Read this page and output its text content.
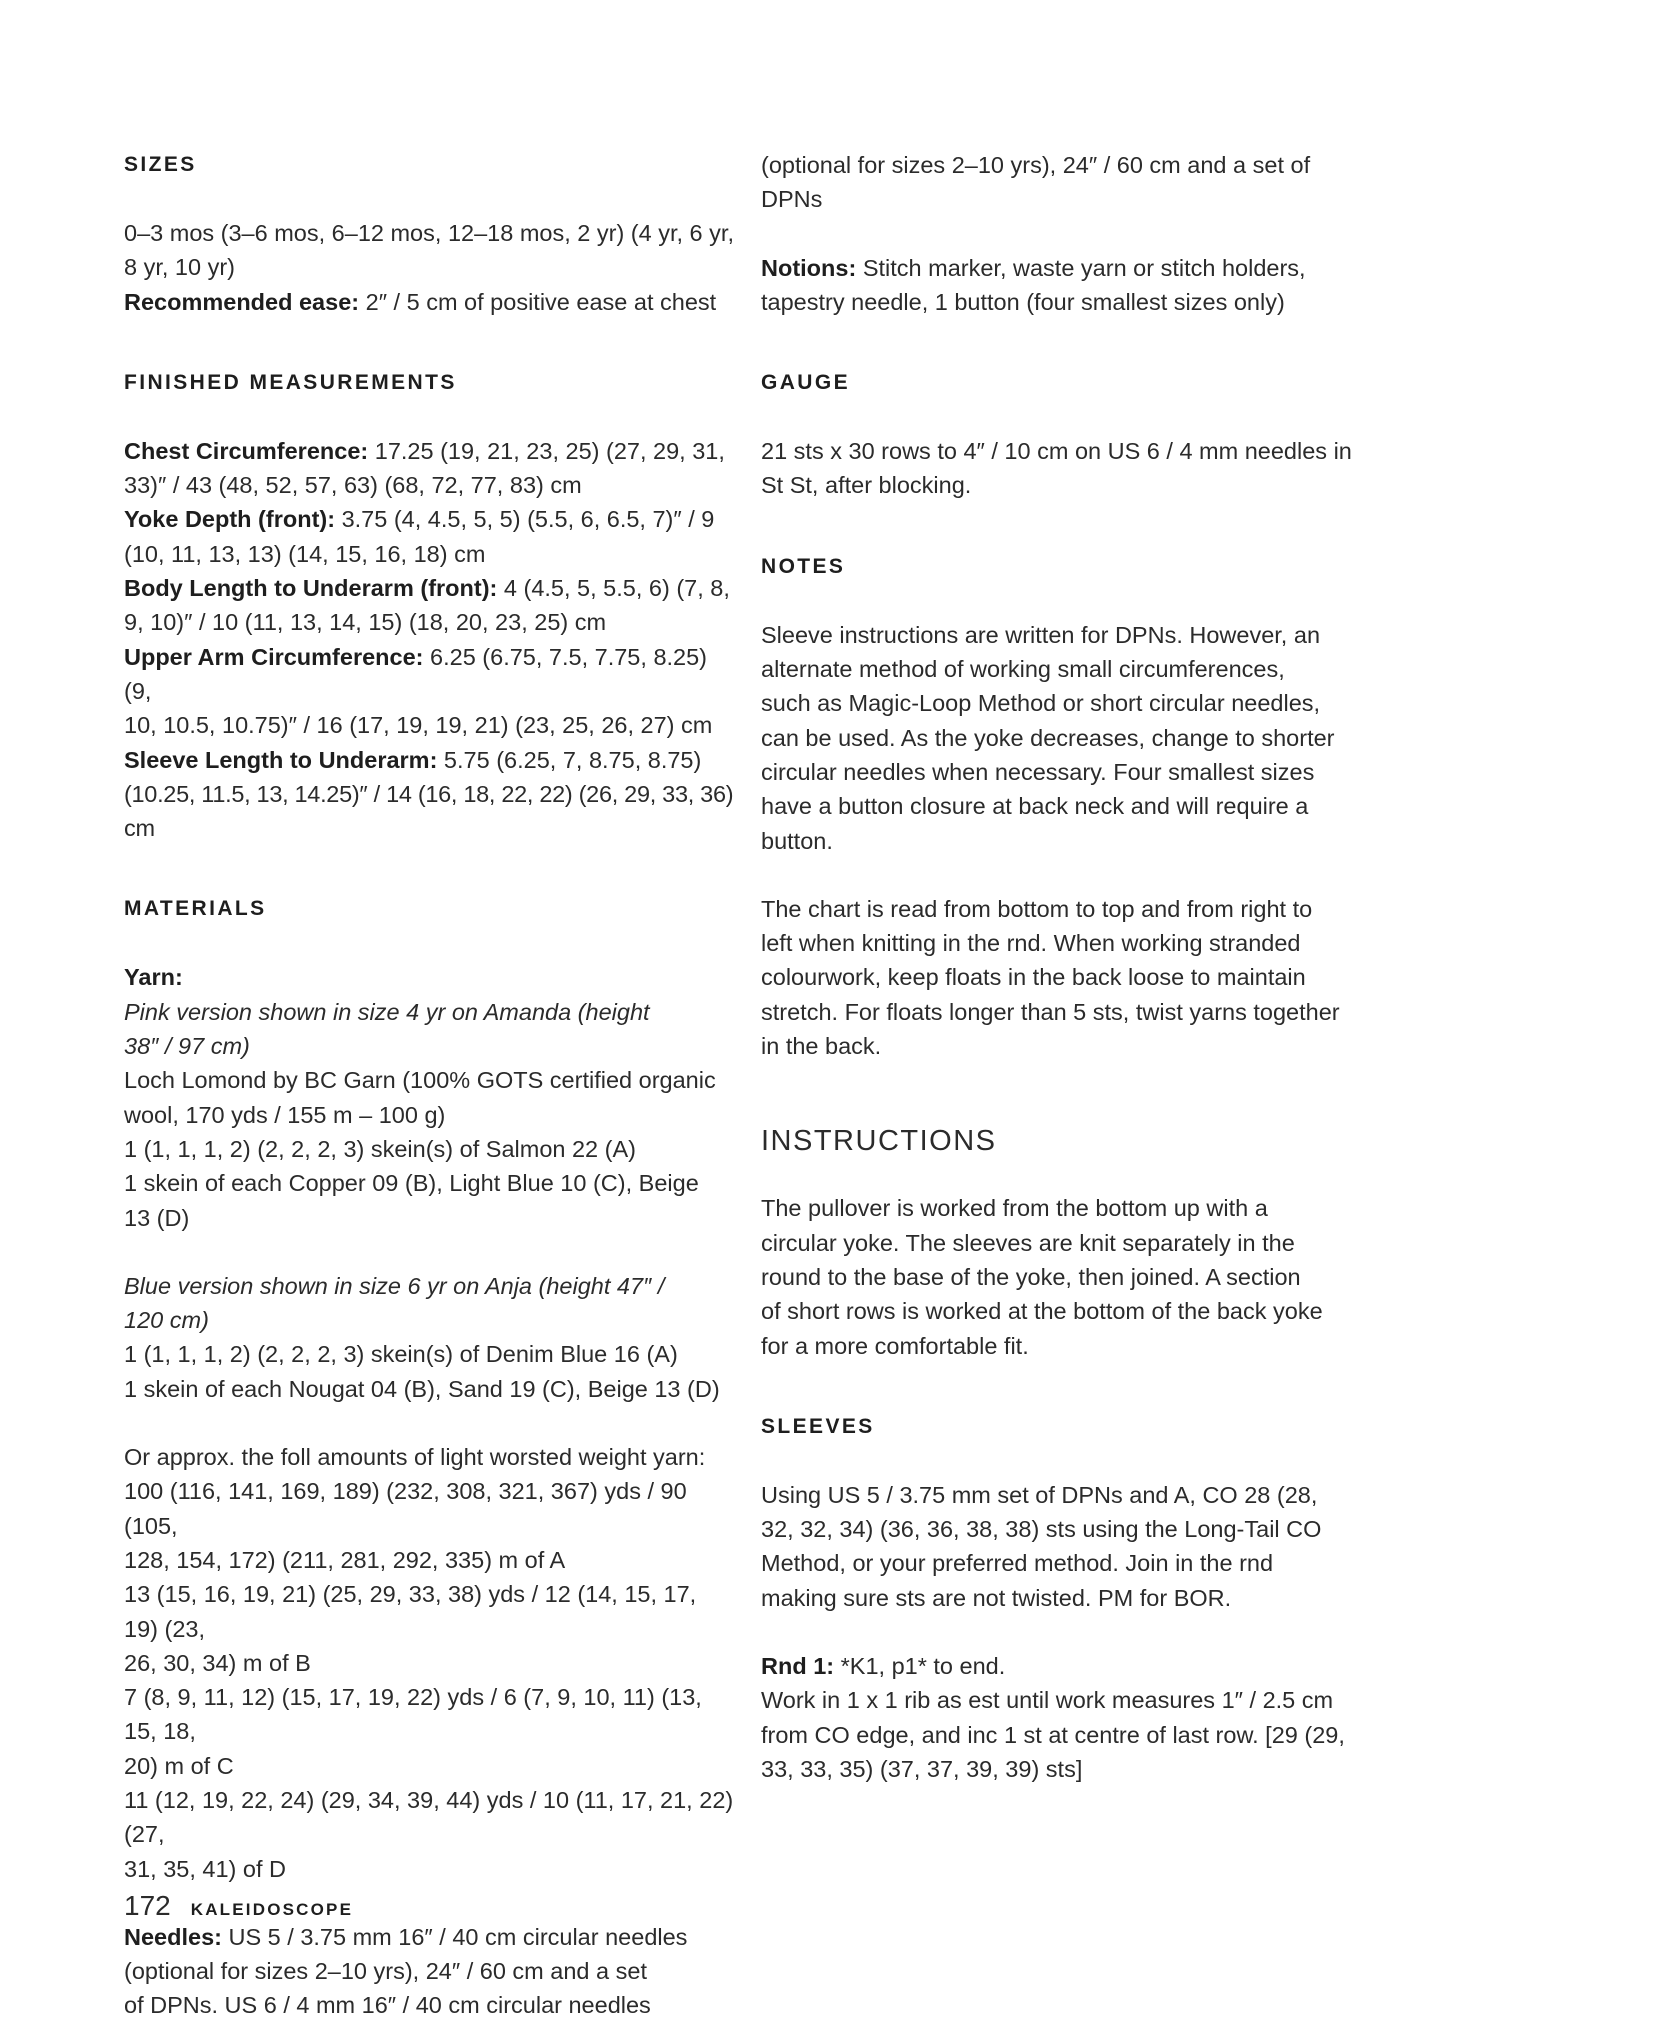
SIZES

0–3 mos (3–6 mos, 6–12 mos, 12–18 mos, 2 yr) (4 yr, 6 yr,
8 yr, 10 yr)

Recommended ease: 2″ / 5 cm of positive ease at chest

FINISHED MEASUREMENTS

Chest Circumference: 17.25 (19, 21, 23, 25) (27, 29, 31,
33)″ / 43 (48, 52, 57, 63) (68, 72, 77, 83) cm

Yoke Depth (front): 3.75 (4, 4.5, 5, 5) (5.5, 6, 6.5, 7)″ / 9
(10, 11, 13, 13) (14, 15, 16, 18) cm

Body Length to Underarm (front): 4 (4.5, 5, 5.5, 6) (7, 8,
9, 10)″ / 10 (11, 13, 14, 15) (18, 20, 23, 25) cm

Upper Arm Circumference: 6.25 (6.75, 7.5, 7.75, 8.25) (9,
10, 10.5, 10.75)″ / 16 (17, 19, 19, 21) (23, 25, 26, 27) cm

Sleeve Length to Underarm: 5.75 (6.25, 7, 8.75, 8.75)
(10.25, 11.5, 13, 14.25)″ / 14 (16, 18, 22, 22) (26, 29, 33, 36) cm

MATERIALS

Yarn:

Pink version shown in size 4 yr on Amanda (height
38″ / 97 cm)

Loch Lomond by BC Garn (100% GOTS certified organic
wool, 170 yds / 155 m – 100 g)

1 (1, 1, 1, 2) (2, 2, 2, 3) skein(s) of Salmon 22 (A)

1 skein of each Copper 09 (B), Light Blue 10 (C), Beige
13 (D)

Blue version shown in size 6 yr on Anja (height 47″ /
120 cm)

1 (1, 1, 1, 2) (2, 2, 2, 3) skein(s) of Denim Blue 16 (A)

1 skein of each Nougat 04 (B), Sand 19 (C), Beige 13 (D)

Or approx. the foll amounts of light worsted weight yarn:
100 (116, 141, 169, 189) (232, 308, 321, 367) yds / 90 (105,
128, 154, 172) (211, 281, 292, 335) m of A
13 (15, 16, 19, 21) (25, 29, 33, 38) yds / 12 (14, 15, 17, 19) (23,
26, 30, 34) m of B
7 (8, 9, 11, 12) (15, 17, 19, 22) yds / 6 (7, 9, 10, 11) (13, 15, 18,
20) m of C
11 (12, 19, 22, 24) (29, 34, 39, 44) yds / 10 (11, 17, 21, 22) (27,
31, 35, 41) of D

Needles: US 5 / 3.75 mm 16″ / 40 cm circular needles
(optional for sizes 2–10 yrs), 24″ / 60 cm and a set
of DPNs. US 6 / 4 mm 16″ / 40 cm circular needles

(optional for sizes 2–10 yrs), 24″ / 60 cm and a set of
DPNs

Notions: Stitch marker, waste yarn or stitch holders,
tapestry needle, 1 button (four smallest sizes only)

GAUGE

21 sts x 30 rows to 4″ / 10 cm on US 6 / 4 mm needles in
St St, after blocking.

NOTES

Sleeve instructions are written for DPNs. However, an
alternate method of working small circumferences,
such as Magic-Loop Method or short circular needles,
can be used. As the yoke decreases, change to shorter
circular needles when necessary. Four smallest sizes
have a button closure at back neck and will require a
button.

The chart is read from bottom to top and from right to
left when knitting in the rnd. When working stranded
colourwork, keep floats in the back loose to maintain
stretch. For floats longer than 5 sts, twist yarns together
in the back.

INSTRUCTIONS

The pullover is worked from the bottom up with a
circular yoke. The sleeves are knit separately in the
round to the base of the yoke, then joined. A section
of short rows is worked at the bottom of the back yoke
for a more comfortable fit.

SLEEVES

Using US 5 / 3.75 mm set of DPNs and A, CO 28 (28,
32, 32, 34) (36, 36, 38, 38) sts using the Long-Tail CO
Method, or your preferred method. Join in the rnd
making sure sts are not twisted. PM for BOR.

Rnd 1: *K1, p1* to end.

Work in 1 x 1 rib as est until work measures 1″ / 2.5 cm
from CO edge, and inc 1 st at centre of last row. [29 (29,
33, 33, 35) (37, 37, 39, 39) sts]

172 KALEIDOSCOPE
